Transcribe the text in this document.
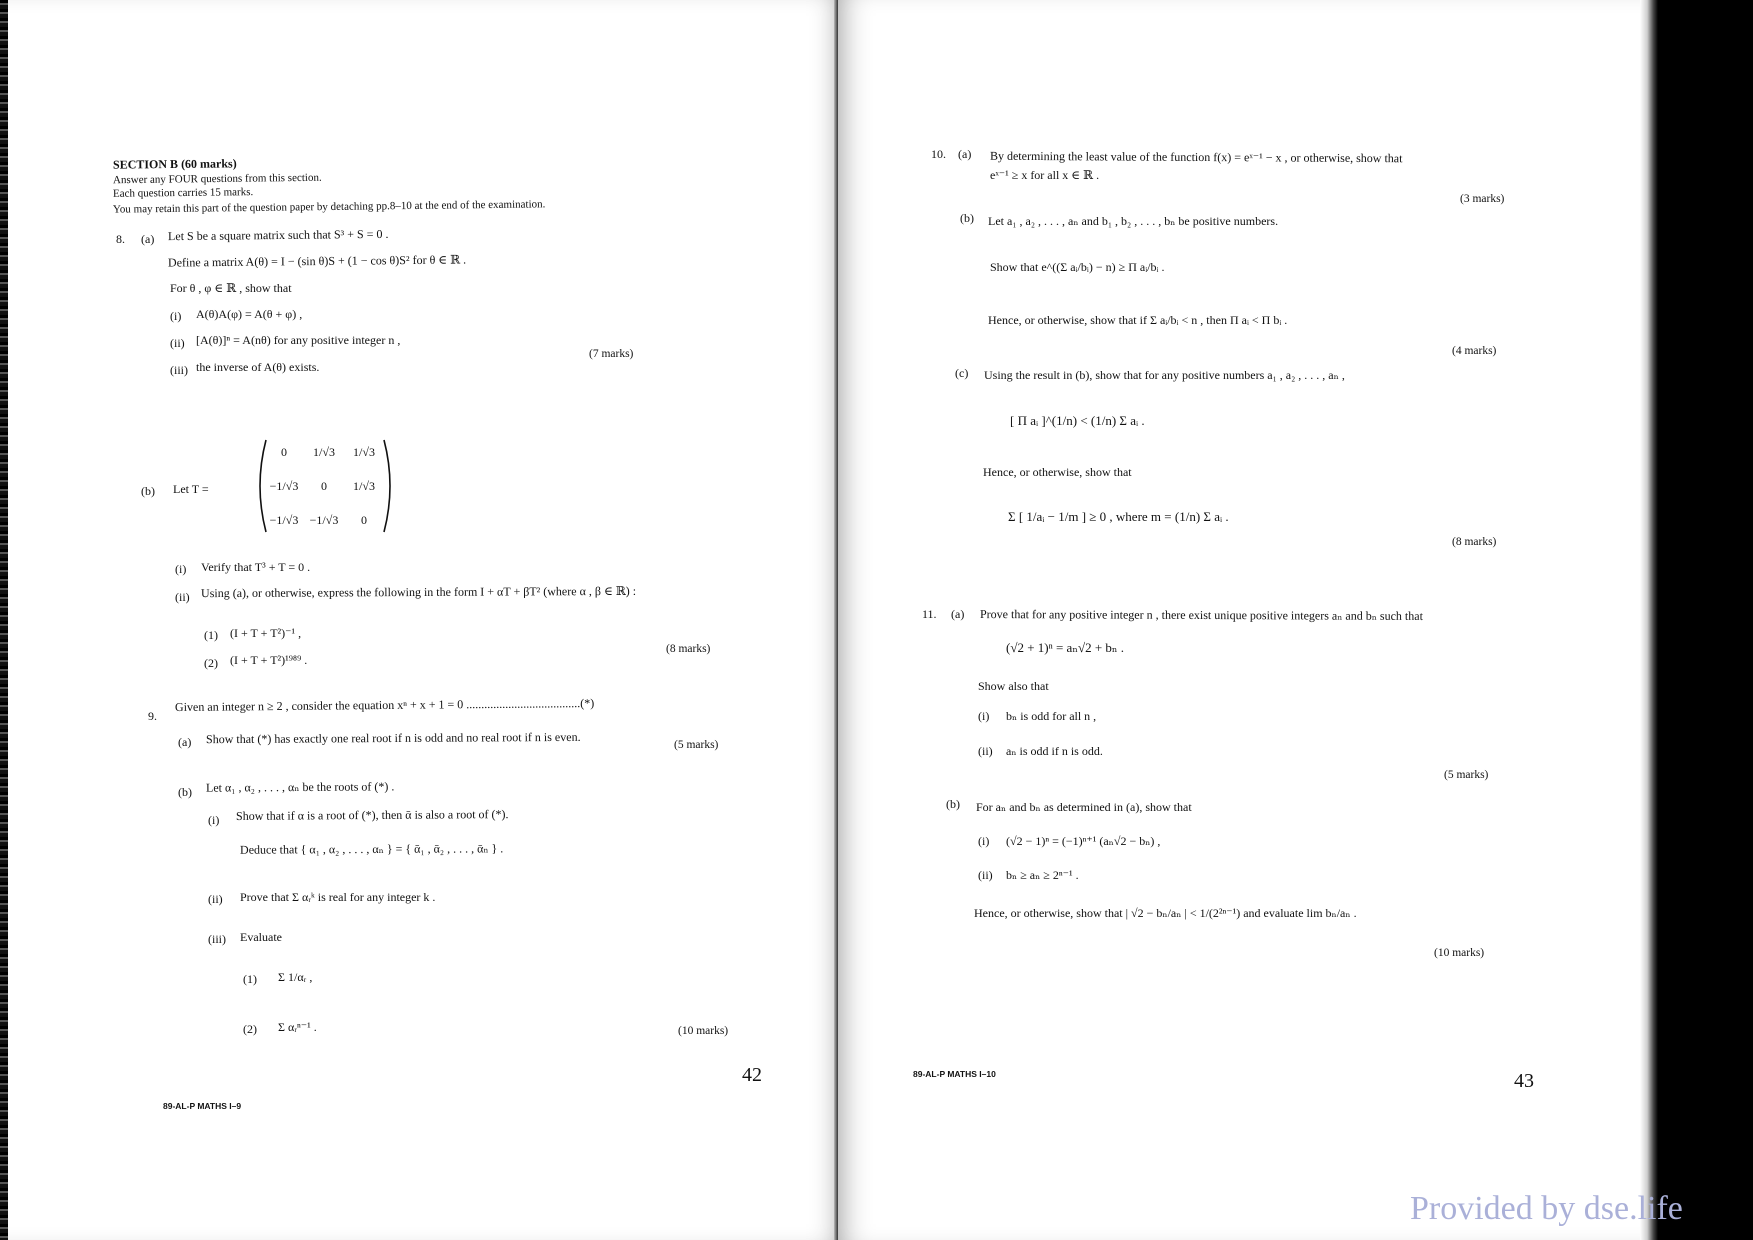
SECTION B (60 marks)
Answer any FOUR questions from this section.
Each question carries 15 marks.
You may retain this part of the question paper by detaching pp.8–10 at the end of the examination.
8. (a) Let S be a square matrix such that S³ + S = 0 .
Define a matrix A(θ) = I − (sin θ)S + (1 − cos θ)S² for θ ∈ ℝ .
For θ , φ ∈ ℝ , show that
(i) A(θ)A(φ) = A(θ + φ) ,
(ii) [A(θ)]ⁿ = A(nθ) for any positive integer n ,
(iii) the inverse of A(θ) exists.
(7 marks)
(b) Let T =
0 1/√3 1/√3
−1/√3 0 1/√3
−1/√3 −1/√3 0
(i) Verify that T³ + T = 0 .
(ii) Using (a), or otherwise, express the following in the form I + αT + βT² (where α , β ∈ ℝ) :
(1) (I + T + T²)⁻¹ ,
(2) (I + T + T²)¹⁹⁸⁹ .
(8 marks)
9.
Given an integer n ≥ 2 , consider the equation xⁿ + x + 1 = 0 ......................................(*)
(a) Show that (*) has exactly one real root if n is odd and no real root if n is even.	(5 marks)
(b) Let α₁ , α₂ , . . . , αₙ be the roots of (*) .
(i) Show that if α is a root of (*), then ᾱ is also a root of (*).
Deduce that { α₁ , α₂ , . . . , αₙ } = { ᾱ₁ , ᾱ₂ , . . . , ᾱₙ } .
(ii) Prove that Σ αᵣᵏ is real for any integer k .
(iii) Evaluate
(1) Σ 1/αᵣ ,
(2) Σ αᵣⁿ⁻¹ .	(10 marks)
42
89-AL-P MATHS I–9
10. (a) By determining the least value of the function f(x) = eˣ⁻¹ − x , or otherwise, show that
eˣ⁻¹ ≥ x for all x ∈ ℝ .
(3 marks)
(b) Let a₁ , a₂ , . . . , aₙ and b₁ , b₂ , . . . , bₙ be positive numbers.
Show that e^((Σ aᵢ/bᵢ) − n) ≥ Π aᵢ/bᵢ .
Hence, or otherwise, show that if Σ aᵢ/bᵢ < n , then Π aᵢ < Π bᵢ .
(4 marks)
(c) Using the result in (b), show that for any positive numbers a₁ , a₂ , . . . , aₙ ,
[ Π aᵢ ]^(1/n) < (1/n) Σ aᵢ .
Hence, or otherwise, show that
Σ [ 1/aᵢ − 1/m ] ≥ 0 , where m = (1/n) Σ aᵢ .
(8 marks)
11. (a) Prove that for any positive integer n , there exist unique positive integers aₙ and bₙ such that
(√2 + 1)ⁿ = aₙ√2 + bₙ .
Show also that
(i) bₙ is odd for all n ,
(ii) aₙ is odd if n is odd.
(5 marks)
(b) For aₙ and bₙ as determined in (a), show that
(i) (√2 − 1)ⁿ = (−1)ⁿ⁺¹ (aₙ√2 − bₙ) ,
(ii) bₙ ≥ aₙ ≥ 2ⁿ⁻¹ .
Hence, or otherwise, show that | √2 − bₙ/aₙ | < 1/(2²ⁿ⁻¹) and evaluate lim bₙ/aₙ .
(10 marks)
89-AL-P MATHS I–10	43
Provided by dse.life
